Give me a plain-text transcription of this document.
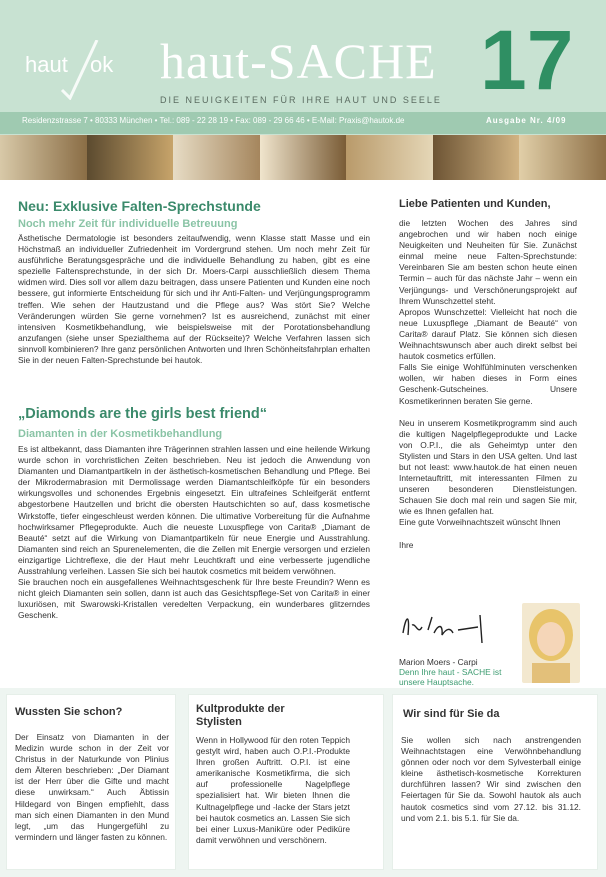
haut ok haut-SACHE
DIE NEUIGKEITEN FÜR IHRE HAUT UND SEELE 17
Residenzstrasse 7 • 80333 München • Tel.: 089 - 22 28 19 • Fax: 089 - 29 66 46 • E-Mail: Praxis@hautok.de	Ausgabe Nr. 4/09
Neu: Exklusive Falten-Sprechstunde
Noch mehr Zeit für individuelle Betreuung
Ästhetische Dermatologie ist besonders zeitaufwendig, wenn Klasse statt Masse und ein Höchstmaß an individueller Zufriedenheit im Vordergrund stehen. Um noch mehr Zeit für ausführliche Beratungsgespräche und die individuelle Behandlung zu haben, gibt es eine spezielle Faltensprechstunde, in der sich Dr. Moers-Carpi ausschließlich diesem Thema widmen wird. Dies soll vor allem dazu beitragen, dass unsere Patienten und Kunden eine noch bessere, gut informierte Entscheidung für sich und ihr Anti-Falten- und Verjüngungsprogramm treffen. Wie sehen der Hautzustand und die Pflege aus? Was stört Sie? Welche Veränderungen würden Sie gerne vornehmen? Ist es ausreichend, zunächst mit einer intensiven Kosmetikbehandlung, wie beispielsweise mit der Porotationsbehandlung anzufangen (siehe unser Spezialthema auf der Rückseite)? Welche Verfahren lassen sich sinnvoll kombinieren? Ihre ganz persönlichen Antworten und Ihren Schönheitsfahrplan erhalten Sie in der neuen Falten-Sprechstunde bei hautok.
„Diamonds are the girls best friend“
Diamanten in der Kosmetikbehandlung

Es ist altbekannt, dass Diamanten ihre Trägerinnen strahlen lassen und eine heilende Wirkung wurde schon in vorchristlichen Zeiten beschrieben. Neu ist jedoch die Anwendung von Diamanten und Diamantpartikeln in der ästhetisch-kosmetischen Behandlung und Pflege. Bei der Mikrodermabrasion mit Dermolissage werden Diamantschleifköpfe für ein besonders wirkungsvolles und schonendes Ergebnis eingesetzt. Ein ultrafeines Schleifgerät entfernt abgestorbene Hautzellen und bricht die obersten Hautschichten so auf, dass kosmetische Wirkstoffe, tiefer eingeschleust werden können. Die ultimative Vorbereitung für die Aufnahme hochwirksamer Pflegeprodukte. Auch die neueste Luxuspflege von Carita® „Diamant de Beauté“ setzt auf die Wirkung von Diamantpartikeln für neue Energie und Ausstrahlung. Diamanten sind reich an Spurenelementen, die die Zellen mit Energie versorgen und erzielen einzigartige Lichtreflexe, die der Haut mehr Leuchtkraft und eine verbesserte jugendliche Ausstrahlung verleihen. Lassen Sie sich bei hautok cosmetics mit beidem verwöhnen.

Sie brauchen noch ein ausgefallenes Weihnachtsgeschenk für Ihre beste Freundin? Wenn es nicht gleich Diamanten sein sollen, dann ist auch das Gesichtspflege-Set von Carita® in einer luxuriösen, mit Swarowski-Kristallen veredelten Verpackung, ein wunderbares glitzerndes Geschenk.

Liebe Patienten und Kunden,

die letzten Wochen des Jahres sind angebrochen und wir haben noch einige Neuigkeiten und Neuheiten für Sie. Zunächst einmal meine neue Falten-Sprechstunde: Vereinbaren Sie am besten schon heute einen Termin – auch für das nächste Jahr – wenn ein Verjüngungs- und Verschönerungsprojekt auf Ihrem Wunschzettel steht.

Apropos Wunschzettel: Vielleicht hat noch die neue Luxuspflege „Diamant de Beauté“ von Carita® darauf Platz. Sie können sich diesen Weihnachtswunsch aber auch direkt selbst bei hautok cosmetics erfüllen.

Falls Sie einige Wohlfühlminuten verschenken wollen, wir haben dieses in Form eines Geschenk-Gutscheines. Unsere Kosmetikerinnen beraten Sie gerne.

Neu in unserem Kosmetikprogramm sind auch die kultigen Nagelpflegeprodukte und Lacke von O.P.I., die als Geheimtyp unter den Stylisten und Stars in den USA gelten. Und last but not least: www.hautok.de hat einen neuen Internetauftritt, mit interessanten Filmen zu unseren besonderen Dienstleistungen. Schauen Sie doch mal rein und sagen Sie mir, wie es Ihnen gefallen hat.

Eine gute Vorweihnachtszeit wünscht Ihnen

Ihre

Marion Moers - Carpi
Denn Ihre haut - SACHE ist unsere Hauptsache.
Wussten Sie schon?
Der Einsatz von Diamanten in der Medizin wurde schon in der Zeit vor Christus in der Naturkunde von Plinius dem Älteren beschrieben: „Der Diamant ist der Herr über die Gifte und macht diese unwirksam.“ Auch Äbtissin Hildegard von Bingen empfiehlt, dass man sich einen Diamanten in den Mund legt, „um das Hungergefühl zu vermindern und länger fasten zu können.
Kultprodukte der Stylisten
Wenn in Hollywood für den roten Teppich gestylt wird, haben auch O.P.I.-Produkte Ihren großen Auftritt. O.P.I. ist eine amerikanische Kosmetikfirma, die sich auf professionelle Nagelpflege spezialisiert hat. Wir bieten Ihnen die Kultnagelpflege und -lacke der Stars jetzt bei hautok cosmetics an. Lassen Sie sich bei einer Luxus-Maniküre oder Pediküre damit verwöhnen und verschönern.
Wir sind für Sie da
Sie wollen sich nach anstrengenden Weihnachtstagen eine Verwöhnbehandlung gönnen oder noch vor dem Sylvesterball einige kleine ästhetisch-kosmetische Korrekturen durchführen lassen? Wir sind zwischen den Feiertagen für Sie da. Sowohl hautok als auch hautok cosmetics sind vom 27.12. bis 31.12. und vom 2.1. bis 5.1. für Sie da.
